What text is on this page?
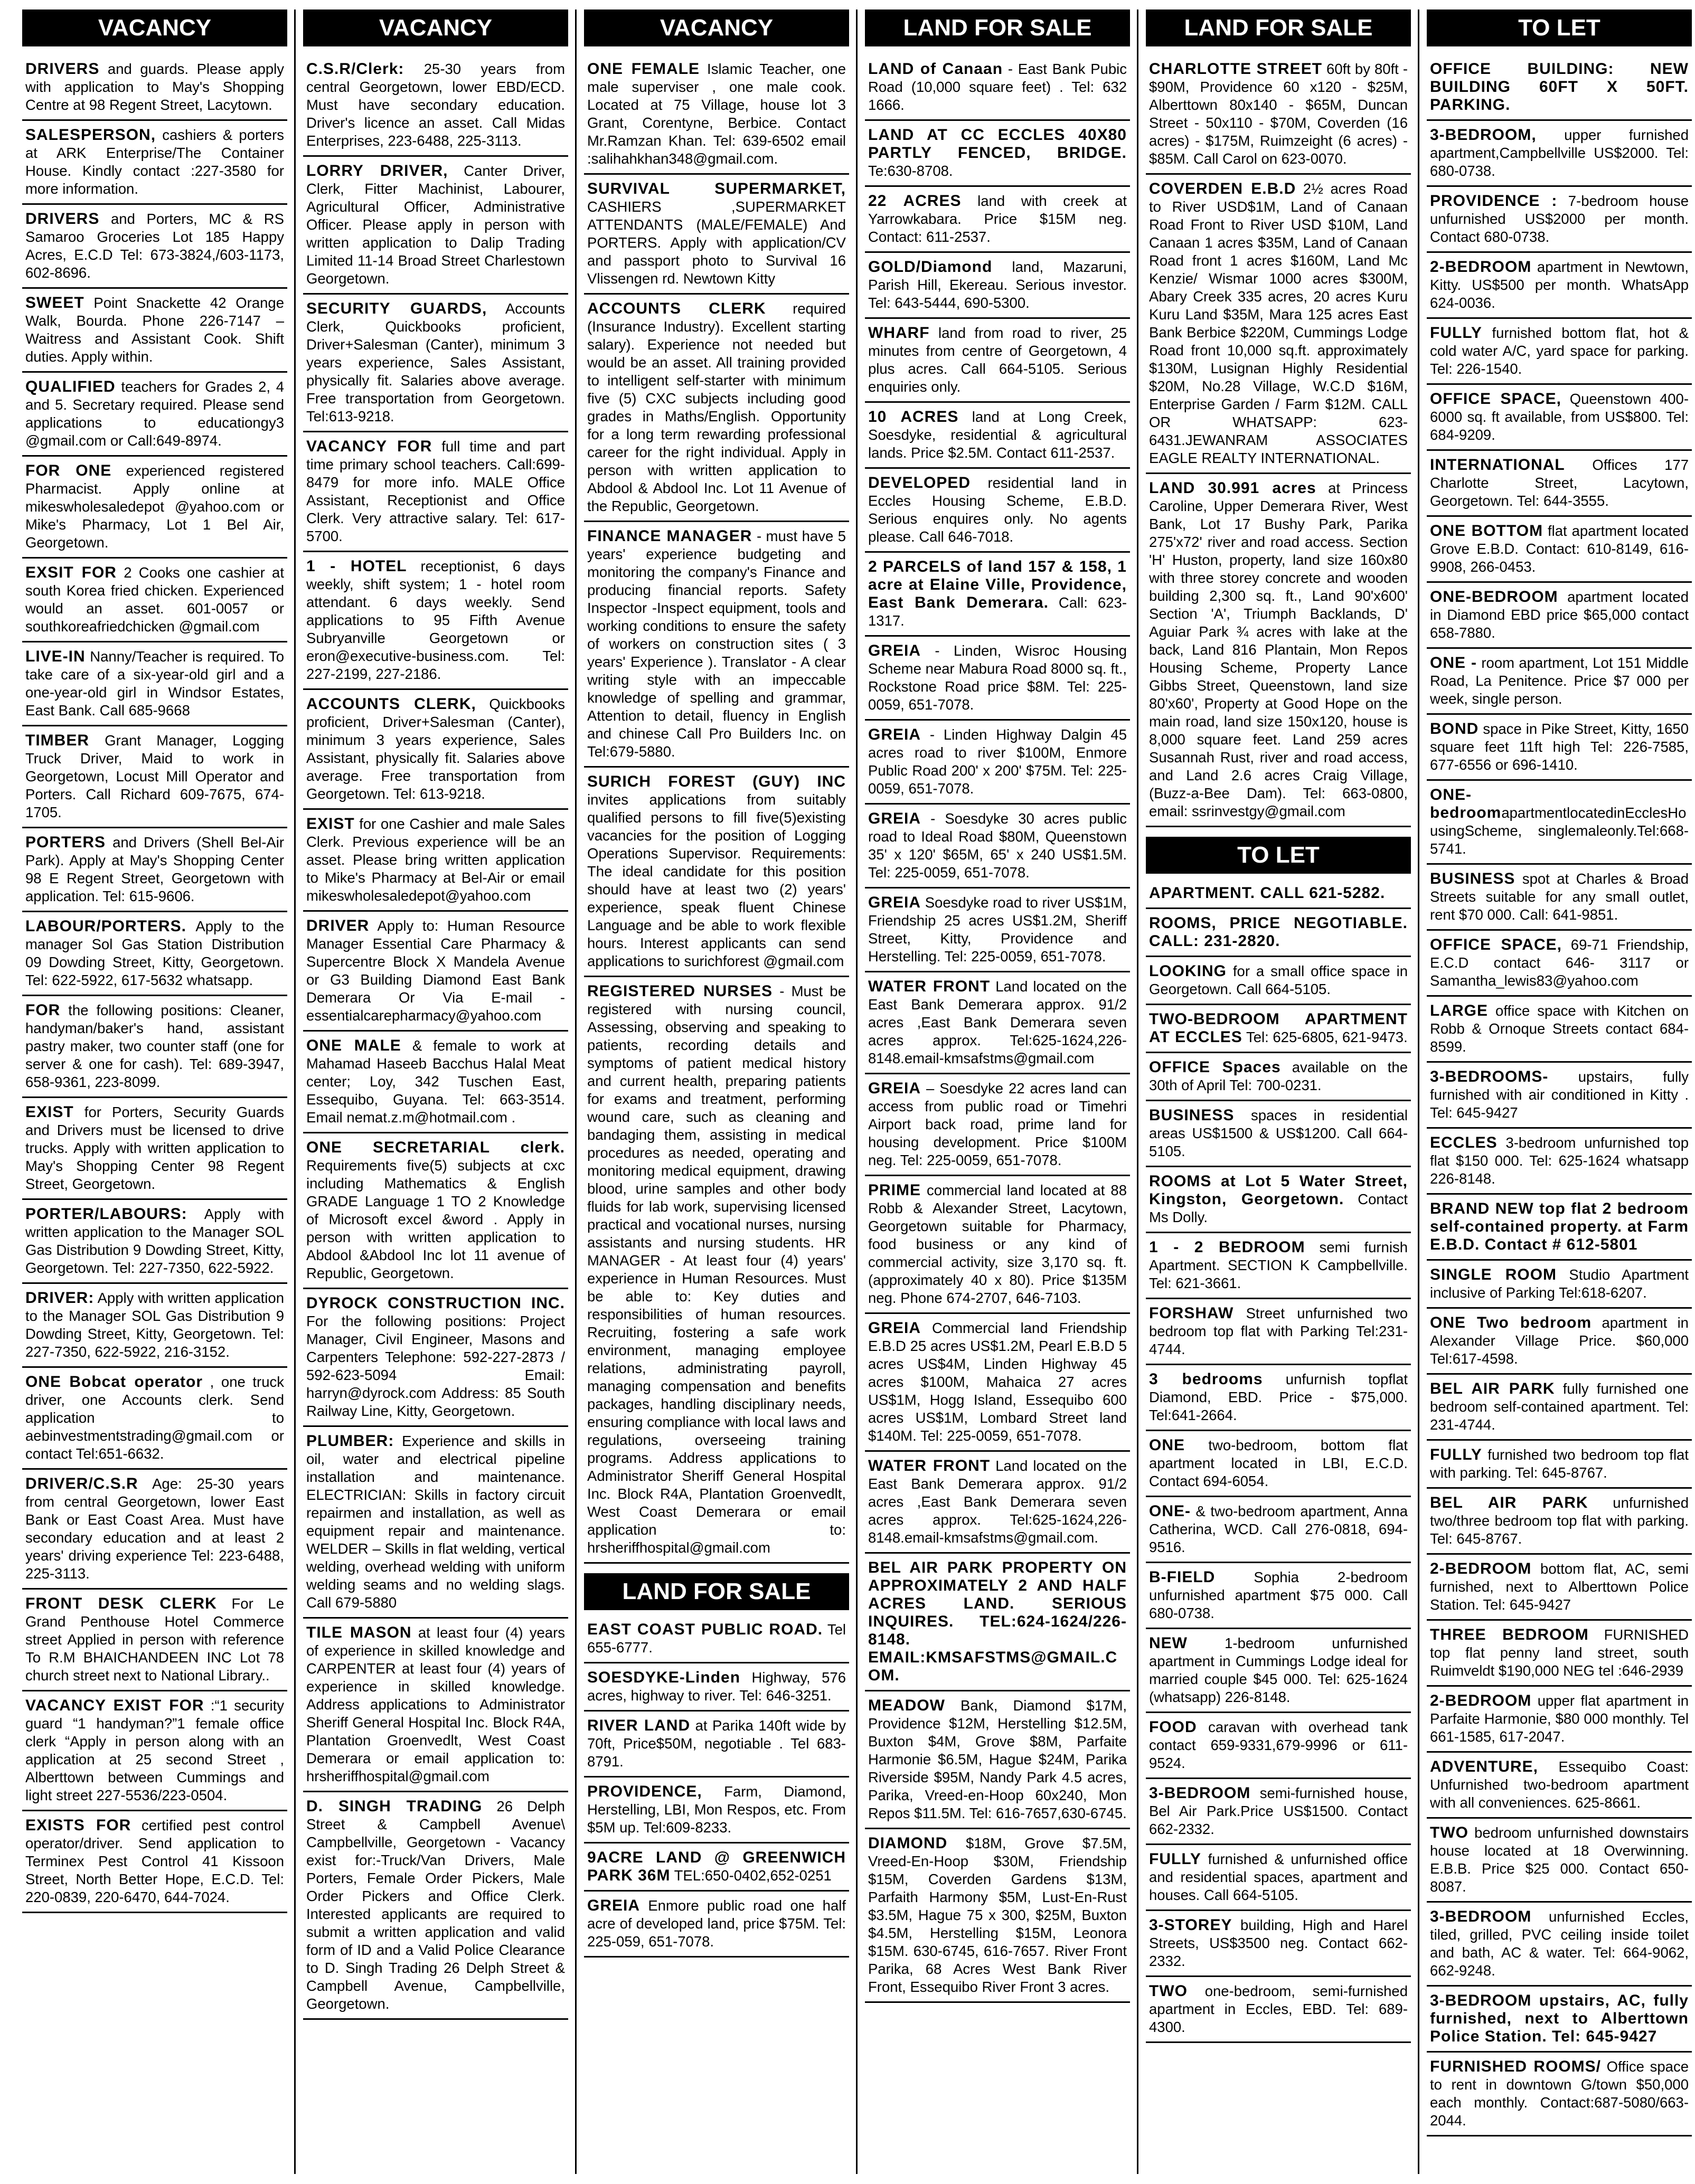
VACANCY
DRIVERS and guards. Please apply with application to May's Shopping Centre at 98 Regent Street, Lacytown.
SALESPERSON, cashiers & porters at ARK Enterprise/The Container House. Kindly contact :227-3580 for more information.
DRIVERS and Porters, MC & RS Samaroo Groceries Lot 185 Happy Acres, E.C.D Tel: 673-3824,/603-1173, 602-8696.
SWEET Point Snackette 42 Orange Walk, Bourda. Phone 226-7147 – Waitress and Assistant Cook. Shift duties. Apply within.
QUALIFIED teachers for Grades 2, 4 and 5. Secretary required. Please send applications to educationgy3 @gmail.com or Call:649-8974.
FOR ONE experienced registered Pharmacist. Apply online at mikeswholesaledepot @yahoo.com or Mike's Pharmacy, Lot 1 Bel Air, Georgetown.
EXSIT FOR 2 Cooks one cashier at south Korea fried chicken. Experienced would an asset. 601-0057 or southkoreafriedchicken @gmail.com
LIVE-IN Nanny/Teacher is required. To take care of a six-year-old girl and a one-year-old girl in Windsor Estates, East Bank. Call 685-9668
TIMBER Grant Manager, Logging Truck Driver, Maid to work in Georgetown, Locust Mill Operator and Porters. Call Richard 609-7675, 674-1705.
PORTERS and Drivers (Shell Bel-Air Park). Apply at May's Shopping Center 98 E Regent Street, Georgetown with application. Tel: 615-9606.
LABOUR/PORTERS. Apply to the manager Sol Gas Station Distribution 09 Dowding Street, Kitty, Georgetown. Tel: 622-5922, 617-5632 whatsapp.
FOR the following positions: Cleaner, handyman/baker's hand, assistant pastry maker, two counter staff (one for server & one for cash). Tel: 689-3947, 658-9361, 223-8099.
EXIST for Porters, Security Guards and Drivers must be licensed to drive trucks. Apply with written application to May's Shopping Center 98 Regent Street, Georgetown.
PORTER/LABOURS: Apply with written application to the Manager SOL Gas Distribution 9 Dowding Street, Kitty, Georgetown. Tel: 227-7350, 622-5922.
DRIVER: Apply with written application to the Manager SOL Gas Distribution 9 Dowding Street, Kitty, Georgetown. Tel: 227-7350, 622-5922, 216-3152.
ONE Bobcat operator , one truck driver, one Accounts clerk. Send application to aebinvestmentstrading@gmail.com or contact Tel:651-6632.
DRIVER/C.S.R Age: 25-30 years from central Georgetown, lower East Bank or East Coast Area. Must have secondary education and at least 2 years' driving experience Tel: 223-6488, 225-3113.
FRONT DESK CLERK For Le Grand Penthouse Hotel Commerce street Applied in person with reference To R.M BHAICHANDEEN INC Lot 78 church street next to National Library..
VACANCY EXIST FOR :“1 security guard “1 handyman?”1 female office clerk “Apply in person along with an application at 25 second Street , Alberttown between Cummings and light street 227-5536/223-0504.
EXISTS FOR certified pest control operator/driver. Send application to Terminex Pest Control 41 Kissoon Street, North Better Hope, E.C.D. Tel: 220-0839, 220-6470, 644-7024.
VACANCY
C.S.R/Clerk: 25-30 years from central Georgetown, lower EBD/ECD. Must have secondary education. Driver's licence an asset. Call Midas Enterprises, 223-6488, 225-3113.
LORRY DRIVER, Canter Driver, Clerk, Fitter Machinist, Labourer, Agricultural Officer, Administrative Officer. Please apply in person with written application to Dalip Trading Limited 11-14 Broad Street Charlestown Georgetown.
SECURITY GUARDS, Accounts Clerk, Quickbooks proficient, Driver+Salesman (Canter), minimum 3 years experience, Sales Assistant, physically fit. Salaries above average. Free transportation from Georgetown. Tel:613-9218.
VACANCY FOR full time and part time primary school teachers. Call:699-8479 for more info. MALE Office Assistant, Receptionist and Office Clerk. Very attractive salary. Tel: 617-5700.
1 - HOTEL receptionist, 6 days weekly, shift system; 1 - hotel room attendant. 6 days weekly. Send applications to 95 Fifth Avenue Subryanville Georgetown or eron@executive-business.com. Tel: 227-2199, 227-2186.
ACCOUNTS CLERK, Quickbooks proficient, Driver+Salesman (Canter), minimum 3 years experience, Sales Assistant, physically fit. Salaries above average. Free transportation from Georgetown. Tel: 613-9218.
EXIST for one Cashier and male Sales Clerk. Previous experience will be an asset. Please bring written application to Mike's Pharmacy at Bel-Air or email mikeswholesaledepot@yahoo.com
DRIVER Apply to: Human Resource Manager Essential Care Pharmacy & Supercentre Block X Mandela Avenue or G3 Building Diamond East Bank Demerara Or Via E-mail - essentialcarepharmacy@yahoo.com
ONE MALE & female to work at Mahamad Haseeb Bacchus Halal Meat center; Loy, 342 Tuschen East, Essequibo, Guyana. Tel: 663-3514. Email nemat.z.m@hotmail.com .
ONE SECRETARIAL clerk. Requirements five(5) subjects at cxc including Mathematics & English GRADE Language 1 TO 2 Knowledge of Microsoft excel &word . Apply in person with written application to Abdool &Abdool Inc lot 11 avenue of Republic, Georgetown.
DYROCK CONSTRUCTION INC. For the following positions: Project Manager, Civil Engineer, Masons and Carpenters Telephone: 592-227-2873 / 592-623-5094 Email: harryn@dyrock.com Address: 85 South Railway Line, Kitty, Georgetown.
PLUMBER: Experience and skills in oil, water and electrical pipeline installation and maintenance. ELECTRICIAN: Skills in factory circuit repairmen and installation, as well as equipment repair and maintenance. WELDER – Skills in flat welding, vertical welding, overhead welding with uniform welding seams and no welding slags. Call 679-5880
TILE MASON at least four (4) years of experience in skilled knowledge and CARPENTER at least four (4) years of experience in skilled knowledge. Address applications to Administrator Sheriff General Hospital Inc. Block R4A, Plantation Groenvedlt, West Coast Demerara or email application to: hrsheriffhospital@gmail.com
D. SINGH TRADING 26 Delph Street & Campbell Avenue\ Campbellville, Georgetown - Vacancy exist for:-Truck/Van Drivers, Male Porters, Female Order Pickers, Male Order Pickers and Office Clerk. Interested applicants are required to submit a written application and valid form of ID and a Valid Police Clearance to D. Singh Trading 26 Delph Street & Campbell Avenue, Campbellville, Georgetown.
VACANCY
ONE FEMALE Islamic Teacher, one male superviser , one male cook. Located at 75 Village, house lot 3 Grant, Corentyne, Berbice. Contact Mr.Ramzan Khan. Tel: 639-6502 email :salihahkhan348@gmail.com.
SURVIVAL SUPERMARKET, CASHIERS ,SUPERMARKET ATTENDANTS (MALE/FEMALE) And PORTERS. Apply with application/CV and passport photo to Survival 16 Vlissengen rd. Newtown Kitty
ACCOUNTS CLERK required (Insurance Industry). Excellent starting salary). Experience not needed but would be an asset. All training provided to intelligent self-starter with minimum five (5) CXC subjects including good grades in Maths/English. Opportunity for a long term rewarding professional career for the right individual. Apply in person with written application to Abdool & Abdool Inc. Lot 11 Avenue of the Republic, Georgetown.
FINANCE MANAGER - must have 5 years' experience budgeting and monitoring the company's Finance and producing financial reports. Safety Inspector -Inspect equipment, tools and working conditions to ensure the safety of workers on construction sites ( 3 years' Experience ). Translator - A clear writing style with an impeccable knowledge of spelling and grammar, Attention to detail, fluency in English and chinese Call Pro Builders Inc. on Tel:679-5880.
SURICH FOREST (GUY) INC invites applications from suitably qualified persons to fill five(5)existing vacancies for the position of Logging Operations Supervisor. Requirements: The ideal candidate for this position should have at least two (2) years' experience, speak fluent Chinese Language and be able to work flexible hours. Interest applicants can send applications to surichforest @gmail.com
REGISTERED NURSES - Must be registered with nursing council, Assessing, observing and speaking to patients, recording details and symptoms of patient medical history and current health, preparing patients for exams and treatment, performing wound care, such as cleaning and bandaging them, assisting in medical procedures as needed, operating and monitoring medical equipment, drawing blood, urine samples and other body fluids for lab work, supervising licensed practical and vocational nurses, nursing assistants and nursing students. HR MANAGER - At least four (4) years' experience in Human Resources. Must be able to: Key duties and responsibilities of human resources. Recruiting, fostering a safe work environment, managing employee relations, administrating payroll, managing compensation and benefits packages, handling disciplinary needs, ensuring compliance with local laws and regulations, overseeing training programs. Address applications to Administrator Sheriff General Hospital Inc. Block R4A, Plantation Groenvedlt, West Coast Demerara or email application to: hrsheriffhospital@gmail.com
LAND FOR SALE
EAST COAST PUBLIC ROAD. Tel 655-6777.
SOESDYKE-Linden Highway, 576 acres, highway to river. Tel: 646-3251.
RIVER LAND at Parika 140ft wide by 70ft, Price$50M, negotiable . Tel 683-8791.
PROVIDENCE, Farm, Diamond, Herstelling, LBI, Mon Respos, etc. From $5M up. Tel:609-8233.
9ACRE LAND @ GREENWICH PARK 36M TEL:650-0402,652-0251
GREIA Enmore public road one half acre of developed land, price $75M. Tel: 225-059, 651-7078.
LAND FOR SALE
LAND of Canaan - East Bank Pubic Road (10,000 square feet) . Tel: 632 1666.
LAND AT CC ECCLES 40X80 PARTLY FENCED, BRIDGE. Te:630-8708.
22 ACRES land with creek at Yarrowkabara. Price $15M neg. Contact: 611-2537.
GOLD/Diamond land, Mazaruni, Parish Hill, Ekereau. Serious investor. Tel: 643-5444, 690-5300.
WHARF land from road to river, 25 minutes from centre of Georgetown, 4 plus acres. Call 664-5105. Serious enquiries only.
10 ACRES land at Long Creek, Soesdyke, residential & agricultural lands. Price $2.5M. Contact 611-2537.
DEVELOPED residential land in Eccles Housing Scheme, E.B.D. Serious enquires only. No agents please. Call 646-7018.
2 PARCELS of land 157 & 158, 1 acre at Elaine Ville, Providence, East Bank Demerara. Call: 623-1317.
GREIA - Linden, Wisroc Housing Scheme near Mabura Road 8000 sq. ft., Rockstone Road price $8M. Tel: 225-0059, 651-7078.
GREIA - Linden Highway Dalgin 45 acres road to river $100M, Enmore Public Road 200' x 200' $75M. Tel: 225-0059, 651-7078.
GREIA - Soesdyke 30 acres public road to Ideal Road $80M, Queenstown 35' x 120' $65M, 65' x 240 US$1.5M. Tel: 225-0059, 651-7078.
GREIA Soesdyke road to river US$1M, Friendship 25 acres US$1.2M, Sheriff Street, Kitty, Providence and Herstelling. Tel: 225-0059, 651-7078.
WATER FRONT Land located on the East Bank Demerara approx. 91/2 acres ,East Bank Demerara seven acres approx. Tel:625-1624,226-8148.email-kmsafstms@gmail.com
GREIA – Soesdyke 22 acres land can access from public road or Timehri Airport back road, prime land for housing development. Price $100M neg. Tel: 225-0059, 651-7078.
PRIME commercial land located at 88 Robb & Alexander Street, Lacytown, Georgetown suitable for Pharmacy, food business or any kind of commercial activity, size 3,170 sq. ft. (approximately 40 x 80). Price $135M neg. Phone 674-2707, 646-7103.
GREIA Commercial land Friendship E.B.D 25 acres US$1.2M, Pearl E.B.D 5 acres US$4M, Linden Highway 45 acres $100M, Mahaica 27 acres US$1M, Hogg Island, Essequibo 600 acres US$1M, Lombard Street land $140M. Tel: 225-0059, 651-7078.
WATER FRONT Land located on the East Bank Demerara approx. 91/2 acres ,East Bank Demerara seven acres approx. Tel:625-1624,226-8148.email-kmsafstms@gmail.com.
BEL AIR PARK PROPERTY ON APPROXIMATELY 2 AND HALF ACRES LAND. SERIOUS INQUIRES. TEL:624-1624/226-8148. EMAIL:KMSAFSTMS@GMAIL.COM.
MEADOW Bank, Diamond $17M, Providence $12M, Herstelling $12.5M, Buxton $4M, Grove $8M, Parfaite Harmonie $6.5M, Hague $24M, Parika Riverside $95M, Nandy Park 4.5 acres, Parika, Vreed-en-Hoop 60x240, Mon Repos $11.5M. Tel: 616-7657,630-6745.
DIAMOND $18M, Grove $7.5M, Vreed-En-Hoop $30M, Friendship $15M, Coverden Gardens $13M, Parfaith Harmony $5M, Lust-En-Rust $3.5M, Hague 75 x 300, $25M, Buxton $4.5M, Herstelling $15M, Leonora $15M. 630-6745, 616-7657. River Front Parika, 68 Acres West Bank River Front, Essequibo River Front 3 acres.
LAND FOR SALE
CHARLOTTE STREET 60ft by 80ft - $90M, Providence 60 x120 - $25M, Alberttown 80x140 - $65M, Duncan Street - 50x110 - $70M, Coverden (16 acres) - $175M, Ruimzeight (6 acres) - $85M. Call Carol on 623-0070.
COVERDEN E.B.D 2½ acres Road to River USD$1M, Land of Canaan Road Front to River USD $10M, Land Canaan 1 acres $35M, Land of Canaan Road front 1 acres $160M, Land Mc Kenzie/ Wismar 1000 acres $300M, Abary Creek 335 acres, 20 acres Kuru Kuru Land $35M, Mara 125 acres East Bank Berbice $220M, Cummings Lodge Road front 10,000 sq.ft. approximately $130M, Lusignan Highly Residential $20M, No.28 Village, W.C.D $16M, Enterprise Garden / Farm $12M. CALL OR WHATSAPP: 623-6431.JEWANRAM ASSOCIATES EAGLE REALTY INTERNATIONAL.
LAND 30.991 acres at Princess Caroline, Upper Demerara River, West Bank, Lot 17 Bushy Park, Parika 275'x72' river and road access. Section 'H' Huston, property, land size 160x80 with three storey concrete and wooden building 2,300 sq. ft., Land 90'x600' Section 'A', Triumph Backlands, D' Aguiar Park ¾ acres with lake at the back, Land 816 Plantain, Mon Repos Housing Scheme, Property Lance Gibbs Street, Queenstown, land size 80'x60', Property at Good Hope on the main road, land size 150x120, house is 8,000 square feet. Land 259 acres Susannah Rust, river and road access, and Land 2.6 acres Craig Village, (Buzz-a-Bee Dam). Tel: 663-0800, email: ssrinvestgy@gmail.com
TO LET
APARTMENT. CALL 621-5282.
ROOMS, PRICE NEGOTIABLE. CALL: 231-2820.
LOOKING for a small office space in Georgetown. Call 664-5105.
TWO-BEDROOM APARTMENT AT ECCLES Tel: 625-6805, 621-9473.
OFFICE Spaces available on the 30th of April Tel: 700-0231.
BUSINESS spaces in residential areas US$1500 & US$1200. Call 664-5105.
ROOMS at Lot 5 Water Street, Kingston, Georgetown. Contact Ms Dolly.
1 - 2 BEDROOM semi furnish Apartment. SECTION K Campbellville. Tel: 621-3661.
FORSHAW Street unfurnished two bedroom top flat with Parking Tel:231-4744.
3 bedrooms unfurnish topflat Diamond, EBD. Price - $75,000. Tel:641-2664.
ONE two-bedroom, bottom flat apartment located in LBI, E.C.D. Contact 694-6054.
ONE- & two-bedroom apartment, Anna Catherina, WCD. Call 276-0818, 694-9516.
B-FIELD Sophia 2-bedroom unfurnished apartment $75 000. Call 680-0738.
NEW 1-bedroom unfurnished apartment in Cummings Lodge ideal for married couple $45 000. Tel: 625-1624 (whatsapp) 226-8148.
FOOD caravan with overhead tank contact 659-9331,679-9996 or 611-9524.
3-BEDROOM semi-furnished house, Bel Air Park.Price US$1500. Contact 662-2332.
FULLY furnished & unfurnished office and residential spaces, apartment and houses. Call 664-5105.
3-STOREY building, High and Harel Streets, US$3500 neg. Contact 662-2332.
TWO one-bedroom, semi-furnished apartment in Eccles, EBD. Tel: 689-4300.
TO LET
OFFICE BUILDING: NEW BUILDING 60FT X 50FT. PARKING.
3-BEDROOM, upper furnished apartment,Campbellville US$2000. Tel: 680-0738.
PROVIDENCE : 7-bedroom house unfurnished US$2000 per month. Contact 680-0738.
2-BEDROOM apartment in Newtown, Kitty. US$500 per month. WhatsApp 624-0036.
FULLY furnished bottom flat, hot & cold water A/C, yard space for parking. Tel: 226-1540.
OFFICE SPACE, Queenstown 400-6000 sq. ft available, from US$800. Tel: 684-9209.
INTERNATIONAL Offices 177 Charlotte Street, Lacytown, Georgetown. Tel: 644-3555.
ONE BOTTOM flat apartment located Grove E.B.D. Contact: 610-8149, 616-9908, 266-0453.
ONE-BEDROOM apartment located in Diamond EBD price $65,000 contact 658-7880.
ONE - room apartment, Lot 151 Middle Road, La Penitence. Price $7 000 per week, single person.
BOND space in Pike Street, Kitty, 1650 square feet 11ft high Tel: 226-7585, 677-6556 or 696-1410.
ONE-bedroomapartmentlocatedinEcclesHousingScheme, singlemaleonly.Tel:668-5741.
BUSINESS spot at Charles & Broad Streets suitable for any small outlet, rent $70 000. Call: 641-9851.
OFFICE SPACE, 69-71 Friendship, E.C.D contact 646- 3117 or Samantha_lewis83@yahoo.com
LARGE office space with Kitchen on Robb & Ornoque Streets contact 684-8599.
3-BEDROOMS- upstairs, fully furnished with air conditioned in Kitty . Tel: 645-9427
ECCLES 3-bedroom unfurnished top flat $150 000. Tel: 625-1624 whatsapp 226-8148.
BRAND NEW top flat 2 bedroom self-contained property. at Farm E.B.D. Contact # 612-5801
SINGLE ROOM Studio Apartment inclusive of Parking Tel:618-6207.
ONE Two bedroom apartment in Alexander Village Price. $60,000 Tel:617-4598.
BEL AIR PARK fully furnished one bedroom self-contained apartment. Tel: 231-4744.
FULLY furnished two bedroom top flat with parking. Tel: 645-8767.
BEL AIR PARK unfurnished two/three bedroom top flat with parking. Tel: 645-8767.
2-BEDROOM bottom flat, AC, semi furnished, next to Alberttown Police Station. Tel: 645-9427
THREE BEDROOM FURNISHED top flat penny land street, south Ruimveldt $190,000 NEG tel :646-2939
2-BEDROOM upper flat apartment in Parfaite Harmonie, $80 000 monthly. Tel 661-1585, 617-2047.
ADVENTURE, Essequibo Coast: Unfurnished two-bedroom apartment with all conveniences. 625-8661.
TWO bedroom unfurnished downstairs house located at 18 Overwinning. E.B.B. Price $25 000. Contact 650-8087.
3-BEDROOM unfurnished Eccles, tiled, grilled, PVC ceiling inside toilet and bath, AC & water. Tel: 664-9062, 662-9248.
3-BEDROOM upstairs, AC, fully furnished, next to Alberttown Police Station. Tel: 645-9427
FURNISHED ROOMS/ Office space to rent in downtown G/town $50,000 each monthly. Contact:687-5080/663-2044.
